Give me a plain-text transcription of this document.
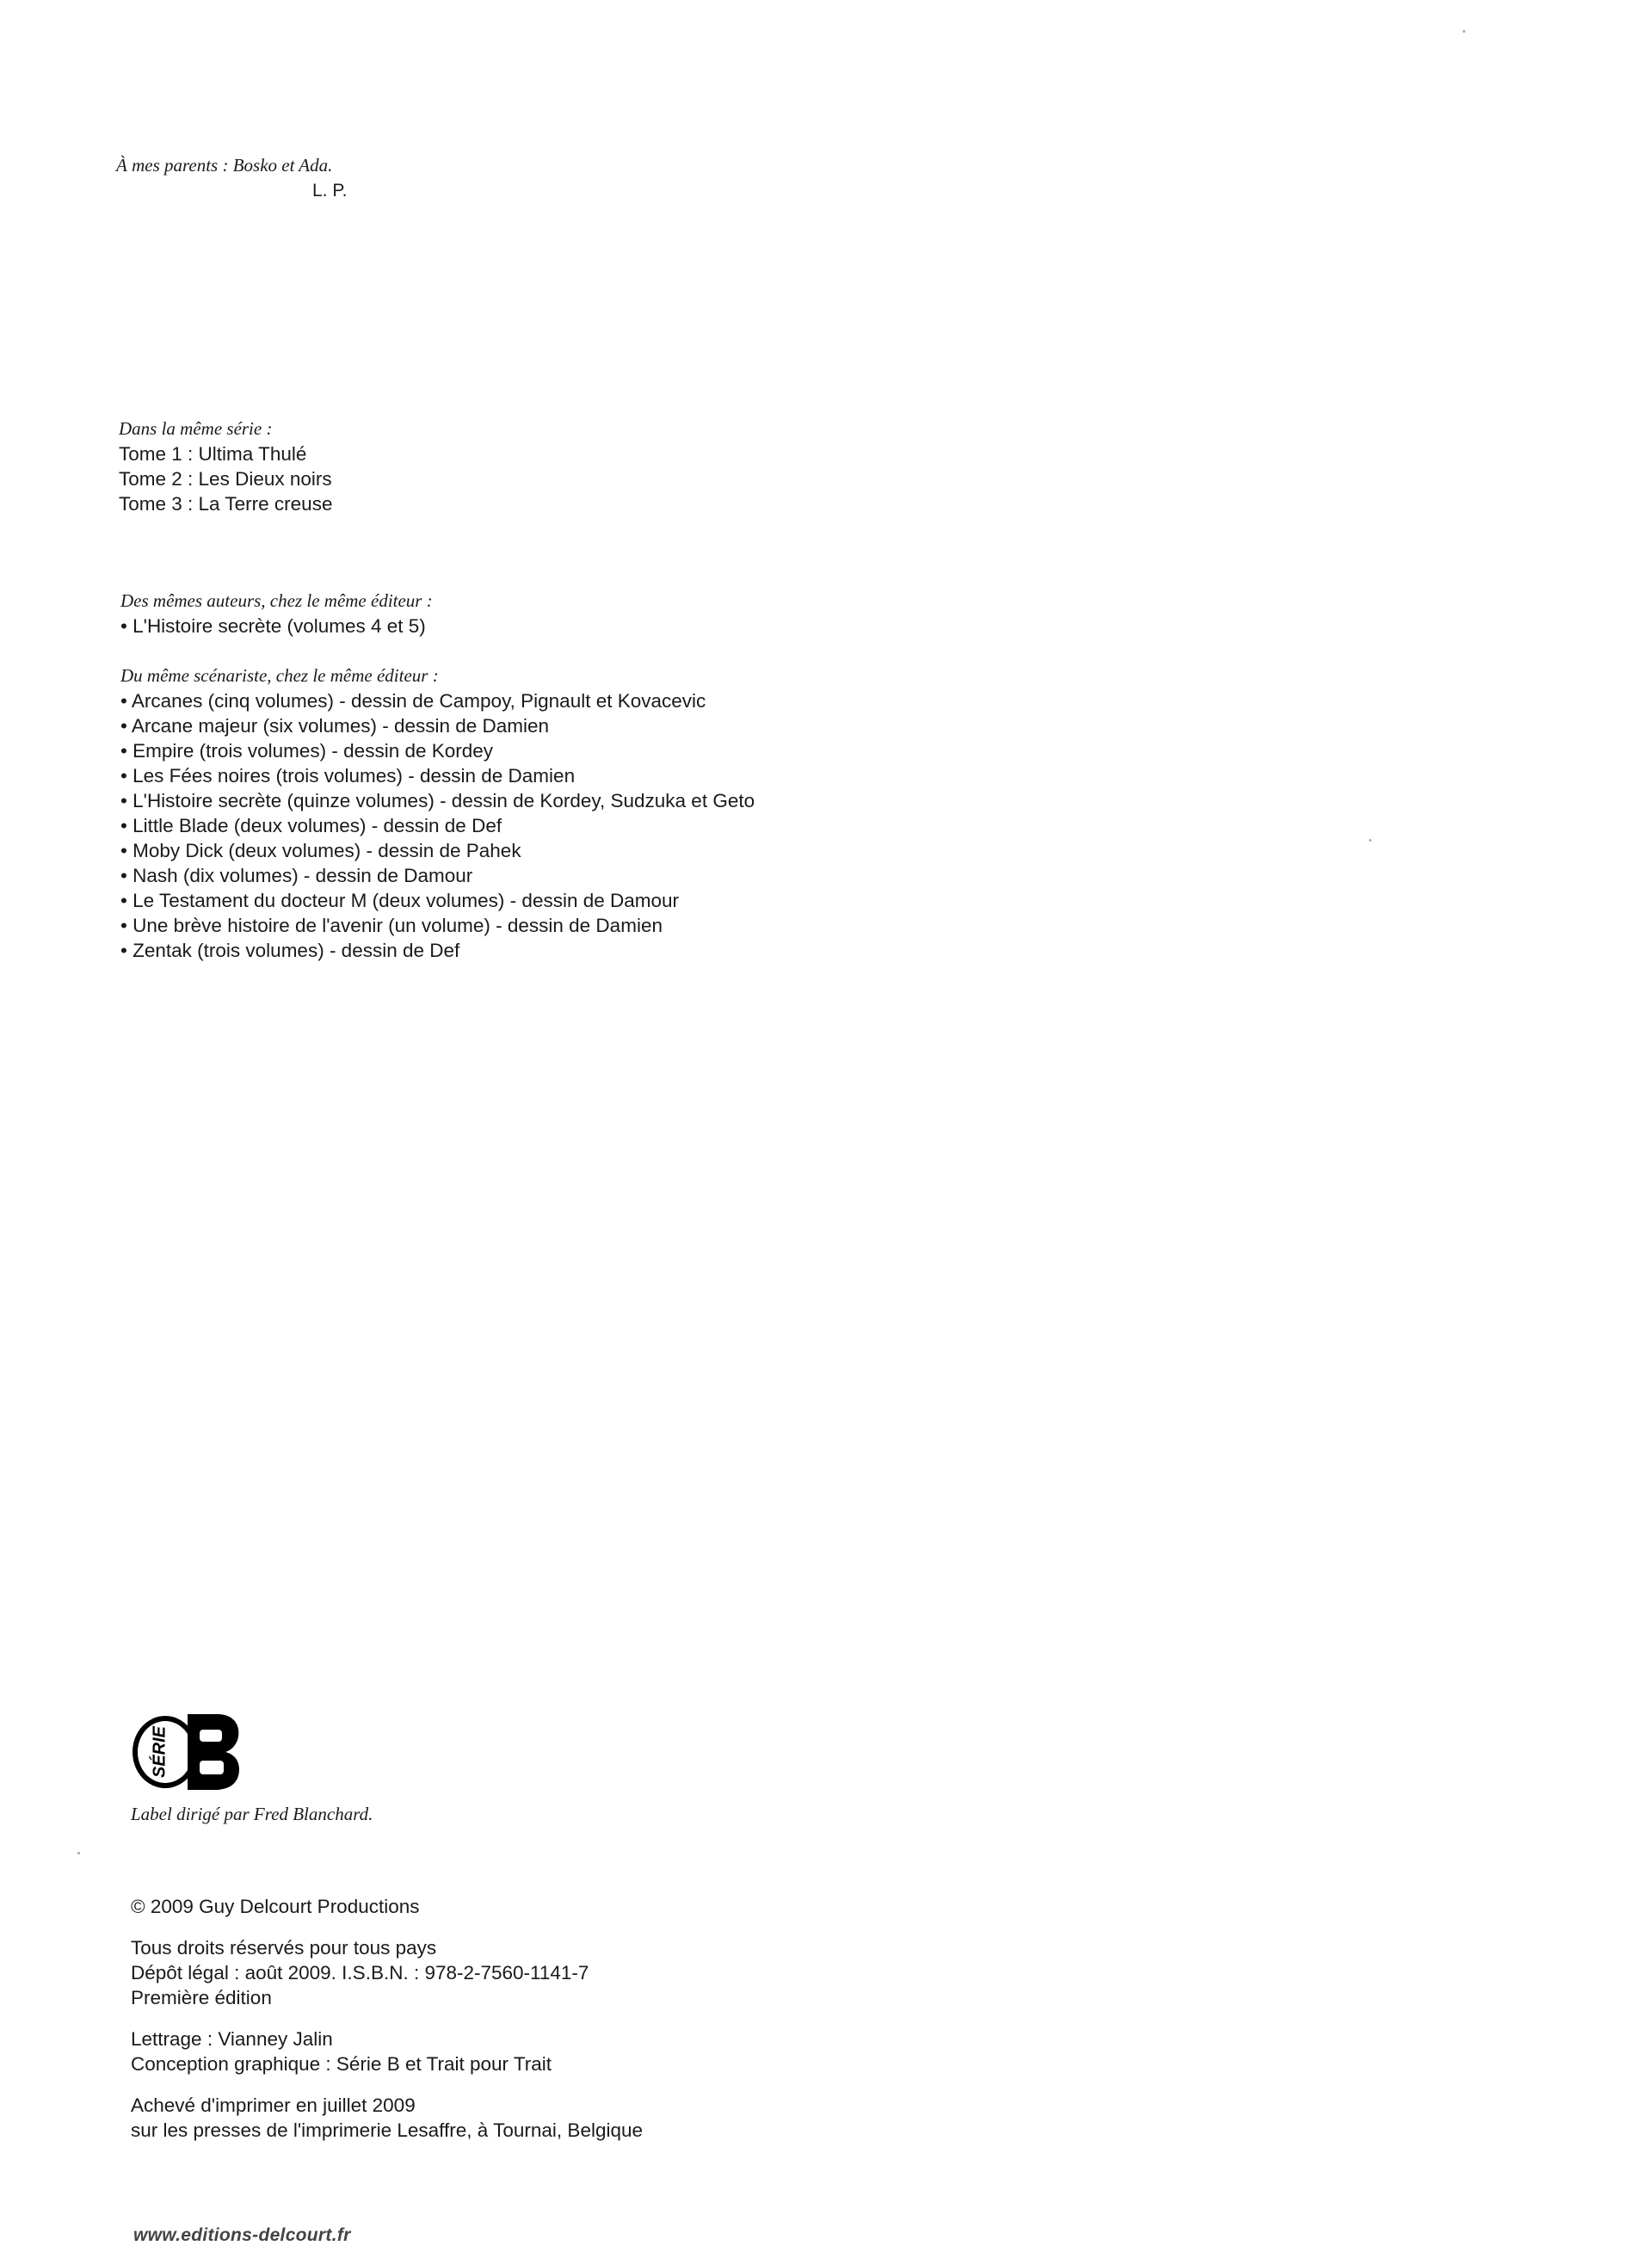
À mes parents : Bosko et Ada.
L. P.
Dans la même série :
Tome 1 : Ultima Thulé
Tome 2 : Les Dieux noirs
Tome 3 : La Terre creuse
Des mêmes auteurs, chez le même éditeur :
• L'Histoire secrète (volumes 4 et 5)
Du même scénariste, chez le même éditeur :
• Arcanes (cinq volumes) - dessin de Campoy, Pignault et Kovacevic
• Arcane majeur (six volumes) - dessin de Damien
• Empire (trois volumes) - dessin de Kordey
• Les Fées noires (trois volumes) - dessin de Damien
• L'Histoire secrète (quinze volumes) - dessin de Kordey, Sudzuka et Geto
• Little Blade (deux volumes) - dessin de Def
• Moby Dick (deux volumes) - dessin de Pahek
• Nash (dix volumes) - dessin de Damour
• Le Testament du docteur M (deux volumes) - dessin de Damour
• Une brève histoire de l'avenir (un volume) - dessin de Damien
• Zentak (trois volumes) - dessin de Def
SÉRIE	B
Label dirigé par Fred Blanchard.
© 2009 Guy Delcourt Productions
Tous droits réservés pour tous pays
Dépôt légal : août 2009. I.S.B.N. : 978-2-7560-1141-7
Première édition
Lettrage : Vianney Jalin
Conception graphique : Série B et Trait pour Trait
Achevé d'imprimer en juillet 2009
sur les presses de l'imprimerie Lesaffre, à Tournai, Belgique
www.editions-delcourt.fr
